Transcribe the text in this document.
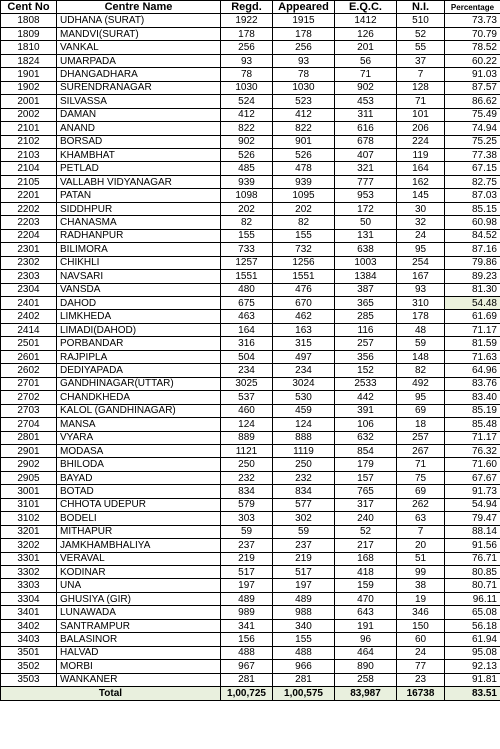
Cent No	Centre Name	Regd.	Appeared	E.Q.C.	N.I.	Percentage
1808	UDHANA (SURAT)	1922	1915	1412	510	73.73
1809	MANDVI(SURAT)	178	178	126	52	70.79
1810	VANKAL	256	256	201	55	78.52
1824	UMARPADA	93	93	56	37	60.22
1901	DHANGADHARA	78	78	71	7	91.03
1902	SURENDRANAGAR	1030	1030	902	128	87.57
2001	SILVASSA	524	523	453	71	86.62
2002	DAMAN	412	412	311	101	75.49
2101	ANAND	822	822	616	206	74.94
2102	BORSAD	902	901	678	224	75.25
2103	KHAMBHAT	526	526	407	119	77.38
2104	PETLAD	485	478	321	164	67.15
2105	VALLABH VIDYANAGAR	939	939	777	162	82.75
2201	PATAN	1098	1095	953	145	87.03
2202	SIDDHPUR	202	202	172	30	85.15
2203	CHANASMA	82	82	50	32	60.98
2204	RADHANPUR	155	155	131	24	84.52
2301	BILIMORA	733	732	638	95	87.16
2302	CHIKHLI	1257	1256	1003	254	79.86
2303	NAVSARI	1551	1551	1384	167	89.23
2304	VANSDA	480	476	387	93	81.30
2401	DAHOD	675	670	365	310	54.48
2402	LIMKHEDA	463	462	285	178	61.69
2414	LIMADI(DAHOD)	164	163	116	48	71.17
2501	PORBANDAR	316	315	257	59	81.59
2601	RAJPIPLA	504	497	356	148	71.63
2602	DEDIYAPADA	234	234	152	82	64.96
2701	GANDHINAGAR(UTTAR)	3025	3024	2533	492	83.76
2702	CHANDKHEDA	537	530	442	95	83.40
2703	KALOL (GANDHINAGAR)	460	459	391	69	85.19
2704	MANSA	124	124	106	18	85.48
2801	VYARA	889	888	632	257	71.17
2901	MODASA	1121	1119	854	267	76.32
2902	BHILODA	250	250	179	71	71.60
2905	BAYAD	232	232	157	75	67.67
3001	BOTAD	834	834	765	69	91.73
3101	CHHOTA UDEPUR	579	577	317	262	54.94
3102	BODELI	303	302	240	63	79.47
3201	MITHAPUR	59	59	52	7	88.14
3202	JAMKHAMBHALIYA	237	237	217	20	91.56
3301	VERAVAL	219	219	168	51	76.71
3302	KODINAR	517	517	418	99	80.85
3303	UNA	197	197	159	38	80.71
3304	GHUSIYA (GIR)	489	489	470	19	96.11
3401	LUNAWADA	989	988	643	346	65.08
3402	SANTRAMPUR	341	340	191	150	56.18
3403	BALASINOR	156	155	96	60	61.94
3501	HALVAD	488	488	464	24	95.08
3502	MORBI	967	966	890	77	92.13
3503	WANKANER	281	281	258	23	91.81
Total		1,00,725	1,00,575	83,987	16738	83.51
